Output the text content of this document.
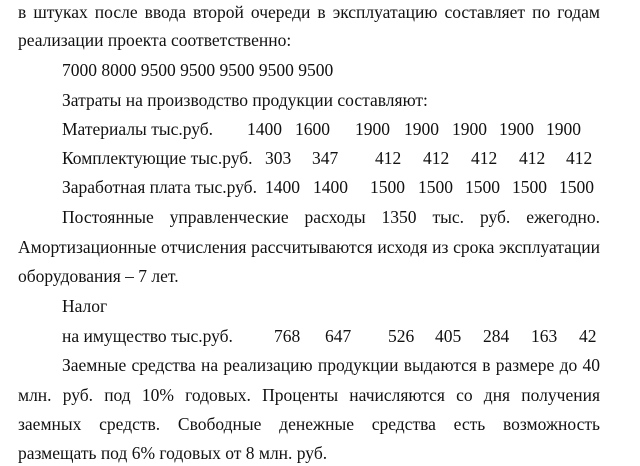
в штуках после ввода второй очереди в эксплуатацию составляет по годам
реализации проекта соответственно:
7000 8000 9500 9500 9500 9500 9500
Затраты на производство продукции составляют:
Материалы тыс.руб. 1400 1600 1900 1900 1900 1900 1900
Комплектующие тыс.руб. 303 347 412 412 412 412 412
Заработная плата тыс.руб. 1400 1400 1500 1500 1500 1500 1500
Постоянные управленческие расходы 1350 тыс. руб. ежегодно.
Амортизационные отчисления рассчитываются исходя из срока эксплуатации
оборудования – 7 лет.
Налог
на имущество тыс.руб. 768 647 526 405 284 163 42
Заемные средства на реализацию продукции выдаются в размере до 40
млн. руб. под 10% годовых. Проценты начисляются со дня получения
заемных средств. Свободные денежные средства есть возможность
размещать под 6% годовых от 8 млн. руб.
